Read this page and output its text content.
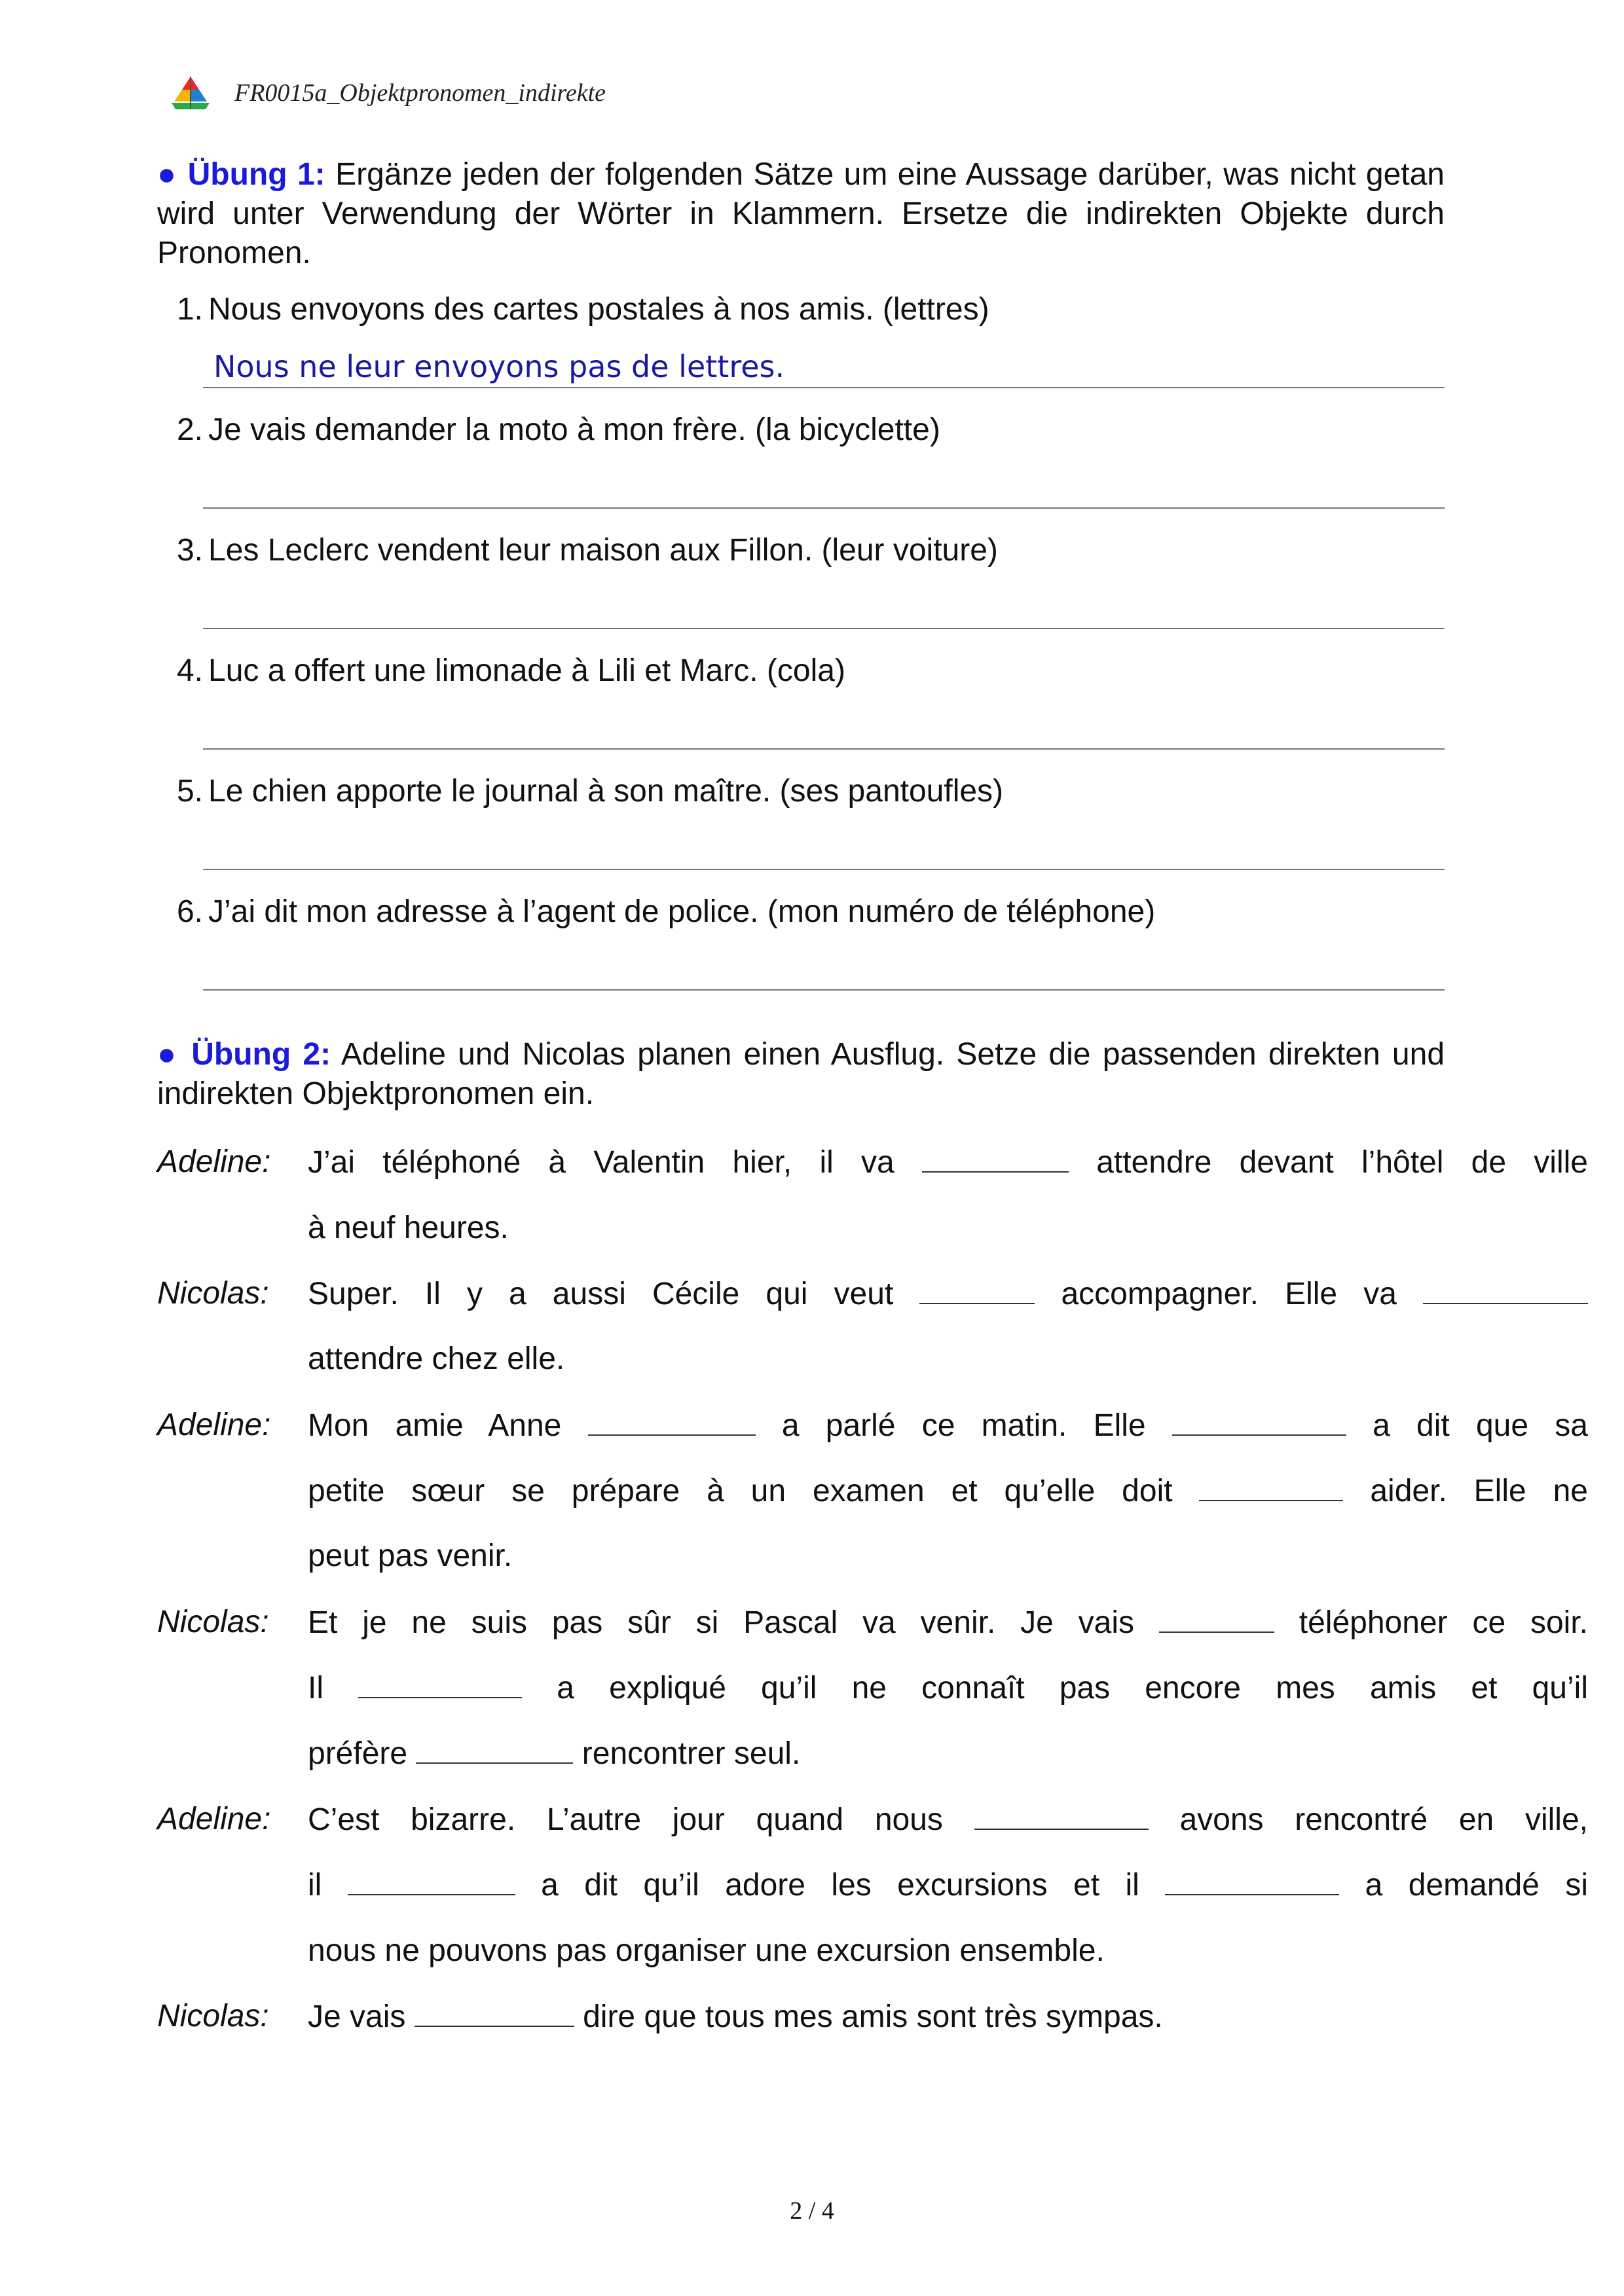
FR0015a_Objektpronomen_indirekte
● Übung 1: Ergänze jeden der folgenden Sätze um eine Aussage darüber, was nicht getan wird unter Verwendung der Wörter in Klammern. Ersetze die indirekten Objekte durch Pronomen.
1. Nous envoyons des cartes postales à nos amis. (lettres)
Nous ne leur envoyons pas de lettres.
2. Je vais demander la moto à mon frère. (la bicyclette)
3. Les Leclerc vendent leur maison aux Fillon. (leur voiture)
4. Luc a offert une limonade à Lili et Marc. (cola)
5. Le chien apporte le journal à son maître. (ses pantoufles)
6. J’ai dit mon adresse à l’agent de police. (mon numéro de téléphone)
● Übung 2: Adeline und Nicolas planen einen Ausflug. Setze die passenden direkten und indirekten Objektpronomen ein.
Adeline: J’ai téléphoné à Valentin hier, il va	attendre devant l’hôtel de ville
à neuf heures.
Nicolas: Super. Il y a aussi Cécile qui veut	accompagner. Elle va
attendre chez elle.
Adeline: Mon amie Anne	a parlé ce matin. Elle	a dit que sa
petite sœur se prépare à un examen et qu’elle doit	aider. Elle ne
peut pas venir.
Nicolas: Et je ne suis pas sûr si Pascal va venir. Je vais	téléphoner ce soir.
Il	a expliqué qu’il ne connaît pas encore mes amis et qu’il
préfère	rencontrer seul.
Adeline: C’est bizarre. L’autre jour quand nous	avons rencontré en ville,
il	a dit qu’il adore les excursions et il	a demandé si
nous ne pouvons pas organiser une excursion ensemble.
Nicolas: Je vais	dire que tous mes amis sont très sympas.
2 / 4
